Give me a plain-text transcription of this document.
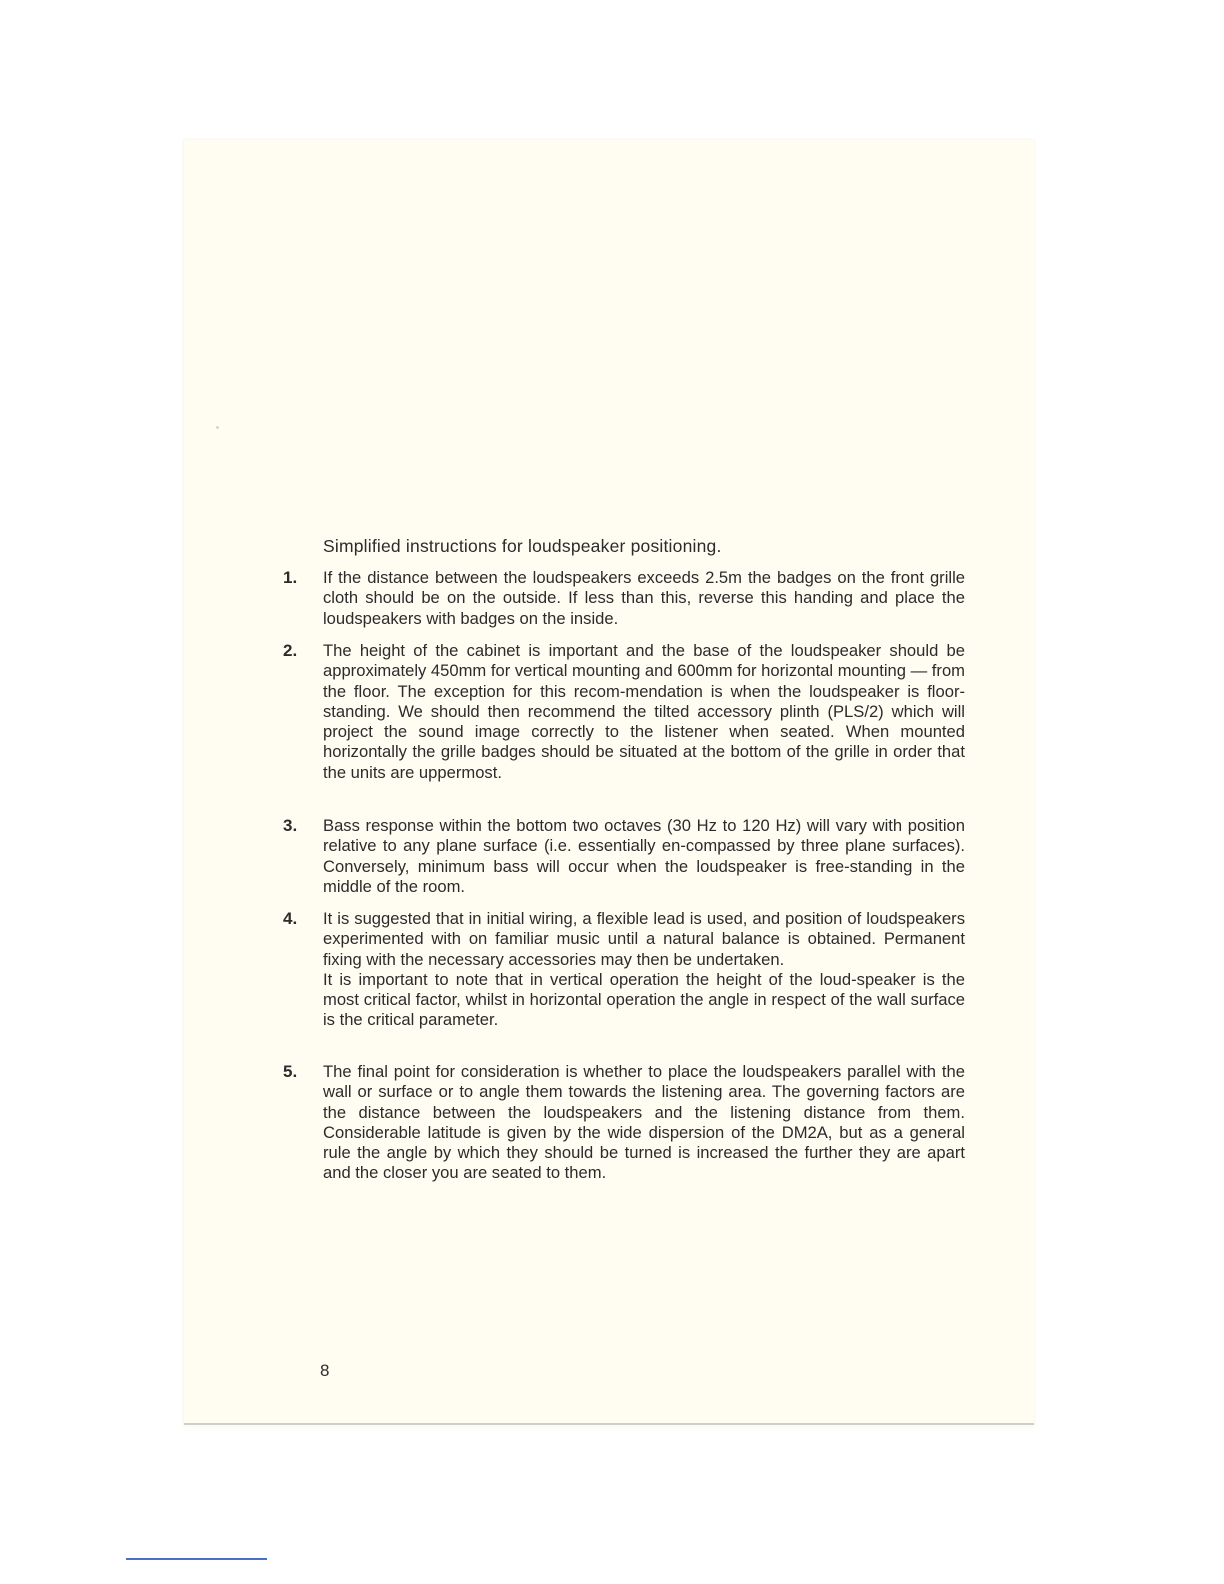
Simplified instructions for loudspeaker positioning.
1. If the distance between the loudspeakers exceeds 2.5m the badges on the front grille cloth should be on the outside. If less than this, reverse this handing and place the loudspeakers with badges on the inside.

2. The height of the cabinet is important and the base of the loudspeaker should be approximately 450mm for vertical mounting and 600mm for horizontal mounting — from the floor. The exception for this recom-mendation is when the loudspeaker is floor-standing. We should then recommend the tilted accessory plinth (PLS/2) which will project the sound image correctly to the listener when seated. When mounted horizontally the grille badges should be situated at the bottom of the grille in order that the units are uppermost.

3. Bass response within the bottom two octaves (30 Hz to 120 Hz) will vary with position relative to any plane surface (i.e. essentially en-compassed by three plane surfaces). Conversely, minimum bass will occur when the loudspeaker is free-standing in the middle of the room.

4. It is suggested that in initial wiring, a flexible lead is used, and position of loudspeakers experimented with on familiar music until a natural balance is obtained. Permanent fixing with the necessary accessories may then be undertaken.

It is important to note that in vertical operation the height of the loud-speaker is the most critical factor, whilst in horizontal operation the angle in respect of the wall surface is the critical parameter.

5. The final point for consideration is whether to place the loudspeakers parallel with the wall or surface or to angle them towards the listening area. The governing factors are the distance between the loudspeakers and the listening distance from them. Considerable latitude is given by the wide dispersion of the DM2A, but as a general rule the angle by which they should be turned is increased the further they are apart and the closer you are seated to them.

8
